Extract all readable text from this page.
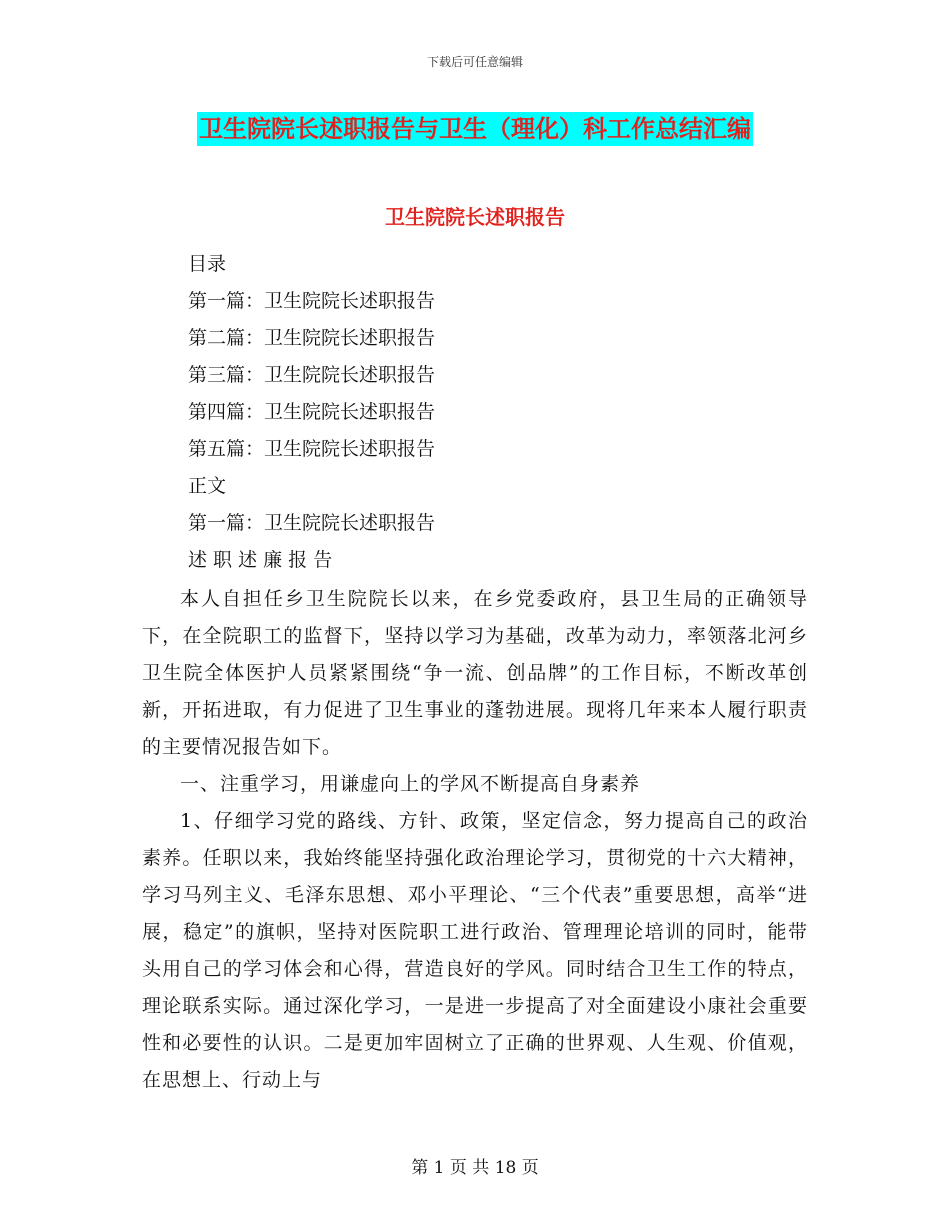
下载后可任意编辑
卫生院院长述职报告与卫生（理化）科工作总结汇编
卫生院院长述职报告
目录
第一篇：卫生院院长述职报告
第二篇：卫生院院长述职报告
第三篇：卫生院院长述职报告
第四篇：卫生院院长述职报告
第五篇：卫生院院长述职报告
正文
第一篇：卫生院院长述职报告
述 职 述 廉 报 告

本人自担任乡卫生院院长以来，在乡党委政府，县卫生局的正确领导下，在全院职工的监督下，坚持以学习为基础，改革为动力，率领落北河乡卫生院全体医护人员紧紧围绕“争一流、创品牌”的工作目标，不断改革创新，开拓进取，有力促进了卫生事业的蓬勃进展。现将几年来本人履行职责的主要情况报告如下。

一、注重学习，用谦虚向上的学风不断提高自身素养

1、仔细学习党的路线、方针、政策，坚定信念，努力提高自己的政治素养。任职以来，我始终能坚持强化政治理论学习，贯彻党的十六大精神，学习马列主义、毛泽东思想、邓小平理论、“三个代表”重要思想，高举“进展，稳定”的旗帜，坚持对医院职工进行政治、管理理论培训的同时，能带头用自己的学习体会和心得，营造良好的学风。同时结合卫生工作的特点，理论联系实际。通过深化学习，一是进一步提高了对全面建设小康社会重要性和必要性的认识。二是更加牢固树立了正确的世界观、人生观、价值观，在思想上、行动上与

第 1 页 共 18 页
